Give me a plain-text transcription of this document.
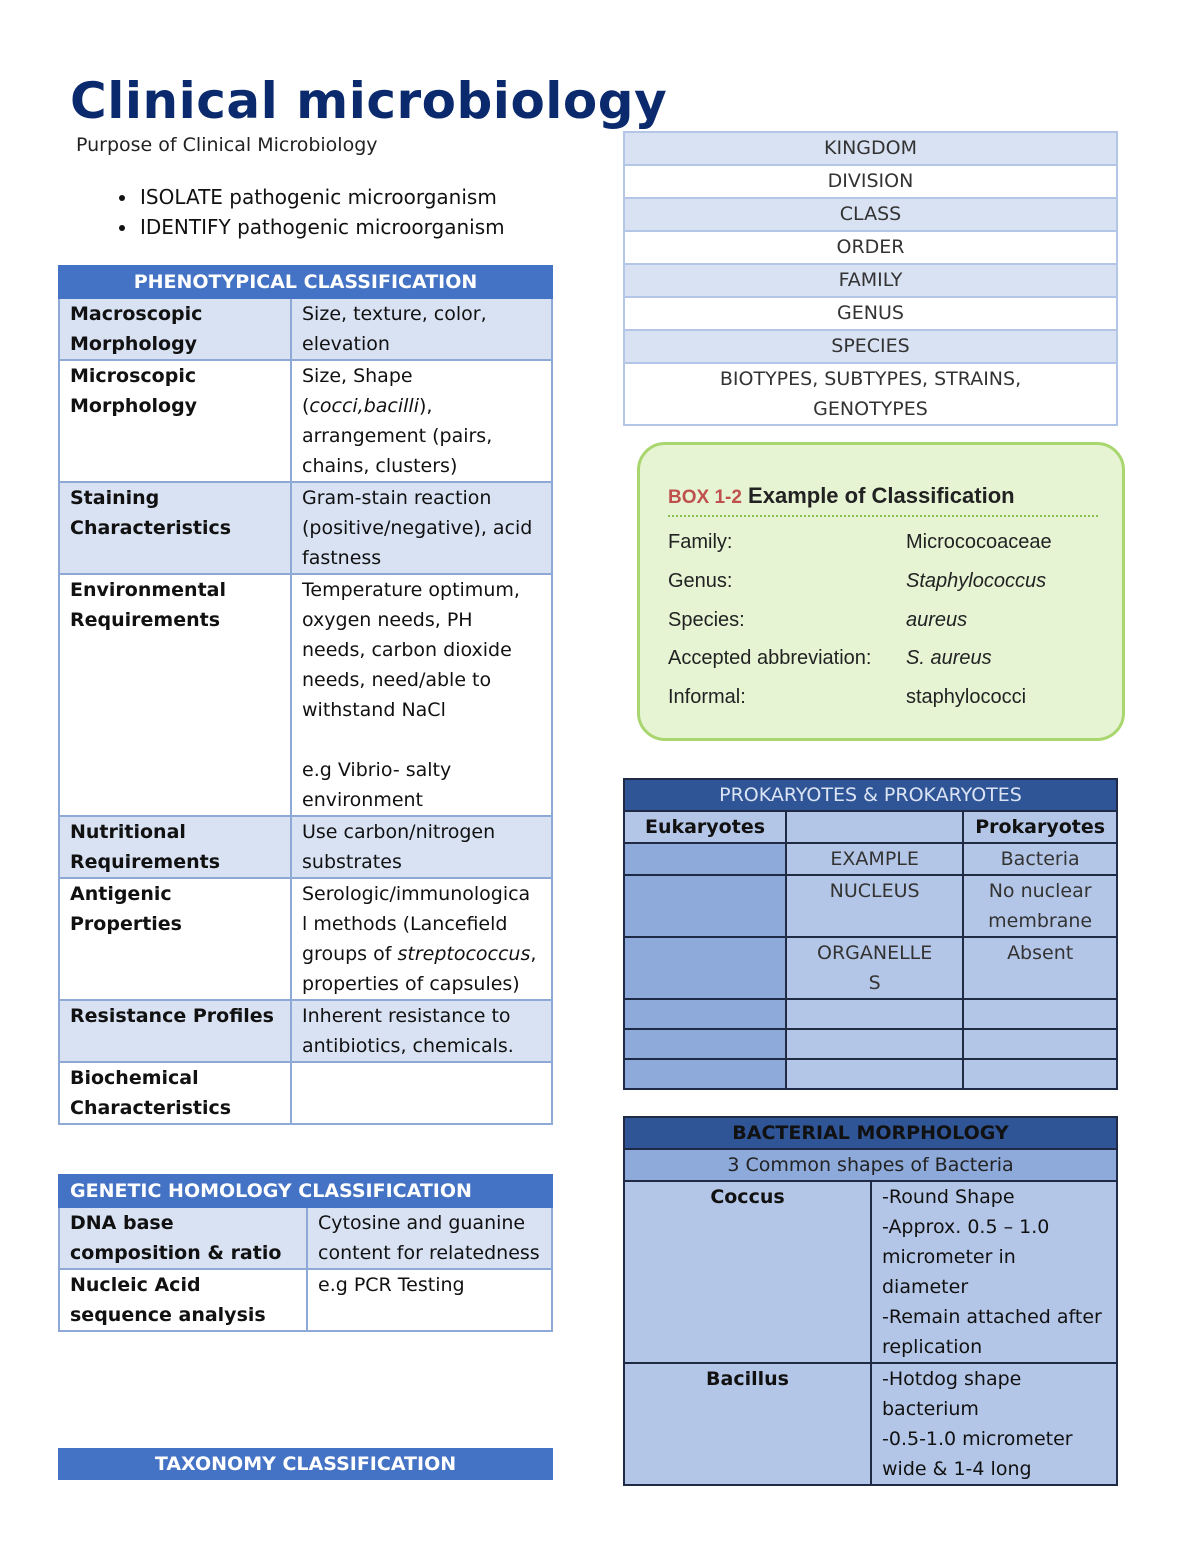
Clinical microbiology
Purpose of Clinical Microbiology
• ISOLATE pathogenic microorganism
• IDENTIFY pathogenic microorganism
PHENOTYPICAL CLASSIFICATION	
Macroscopic Morphology	Size, texture, color, elevation
Microscopic Morphology	Size, Shape (cocci,bacilli), arrangement (pairs, chains, clusters)
Staining Characteristics	Gram-stain reaction (positive/negative), acid fastness
Environmental Requirements	Temperature optimum, oxygen needs, PH needs, carbon dioxide needs, need/able to withstand NaCl
e.g Vibrio- salty environment

Nutritional Requirements	Use carbon/nitrogen substrates
Antigenic Properties	Serologic/immunologica l methods (Lancefield groups of streptococcus, properties of capsules)
Resistance Profiles	Inherent resistance to antibiotics, chemicals.
Biochemical Characteristics	
GENETIC HOMOLOGY CLASSIFICATION	
DNA base composition & ratio	Cytosine and guanine content for relatedness
Nucleic Acid sequence analysis	e.g PCR Testing
TAXONOMY CLASSIFICATION
KINGDOM
DIVISION
CLASS
ORDER
FAMILY
GENUS
SPECIES
BIOTYPES, SUBTYPES, STRAINS, GENOTYPES
BOX 1-2 Example of Classification
Family:	Micrococoaceae
Genus:	Staphylococcus
Species:	aureus
Accepted abbreviation: S. aureus
Informal:	staphylococci
PROKARYOTES & PROKARYOTES		
Eukaryotes		Prokaryotes
	EXAMPLE	Bacteria
	NUCLEUS	No nuclear membrane
	ORGANELLE S	Absent

BACTERIAL MORPHOLOGY	
3 Common shapes of Bacteria	
Coccus	-Round Shape
-Approx. 0.5 – 1.0 micrometer in diameter
-Remain attached after replication

Bacillus	-Hotdog shape bacterium
-0.5-1.0 micrometer wide & 1-4 long
